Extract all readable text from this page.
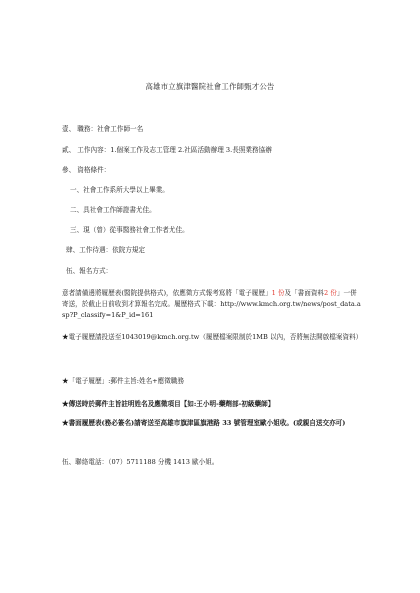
高雄市立旗津醫院社會工作師甄才公告
壹、 職務：社會工作師一名
貳、 工作內容：1.個案工作及志工管理 2.社區活動辦理 3.長照業務協辦
參、 資格條件：
一、社會工作系所大學以上畢業。
二、具社會工作師證書尤佳。
三、現（曾）從事醫務社會工作者尤佳。
肆、工作待遇：依院方規定
伍、報名方式：
意者請備邊將履歷表(醫院提供格式)，依應徵方式報考寫將「電子履歷」1 份及「書面資料2 份」一併寄送，於截止日前收到才算報名完成。履歷格式下載：http://www.kmch.org.tw/news/post_data.asp?P_classify=1&P_id=161
★電子履歷請投送至1043019@kmch.org.tw（履歷檔案限制於1MB 以內，否將無法開啟檔案資料）
★「電子履歷」:郵件主旨:姓名+應徵職務
★傳送時於郵件主旨註明姓名及應徵項目【如:王小明-藥劑部-初級藥師】
★書面履歷表(務必簽名)請寄送至高雄市旗津區旗港路 33 號管理室歐小姐收。(或親自送交亦可)
伍、聯絡電話：（07）5711188 分機 1413 歐小姐。
